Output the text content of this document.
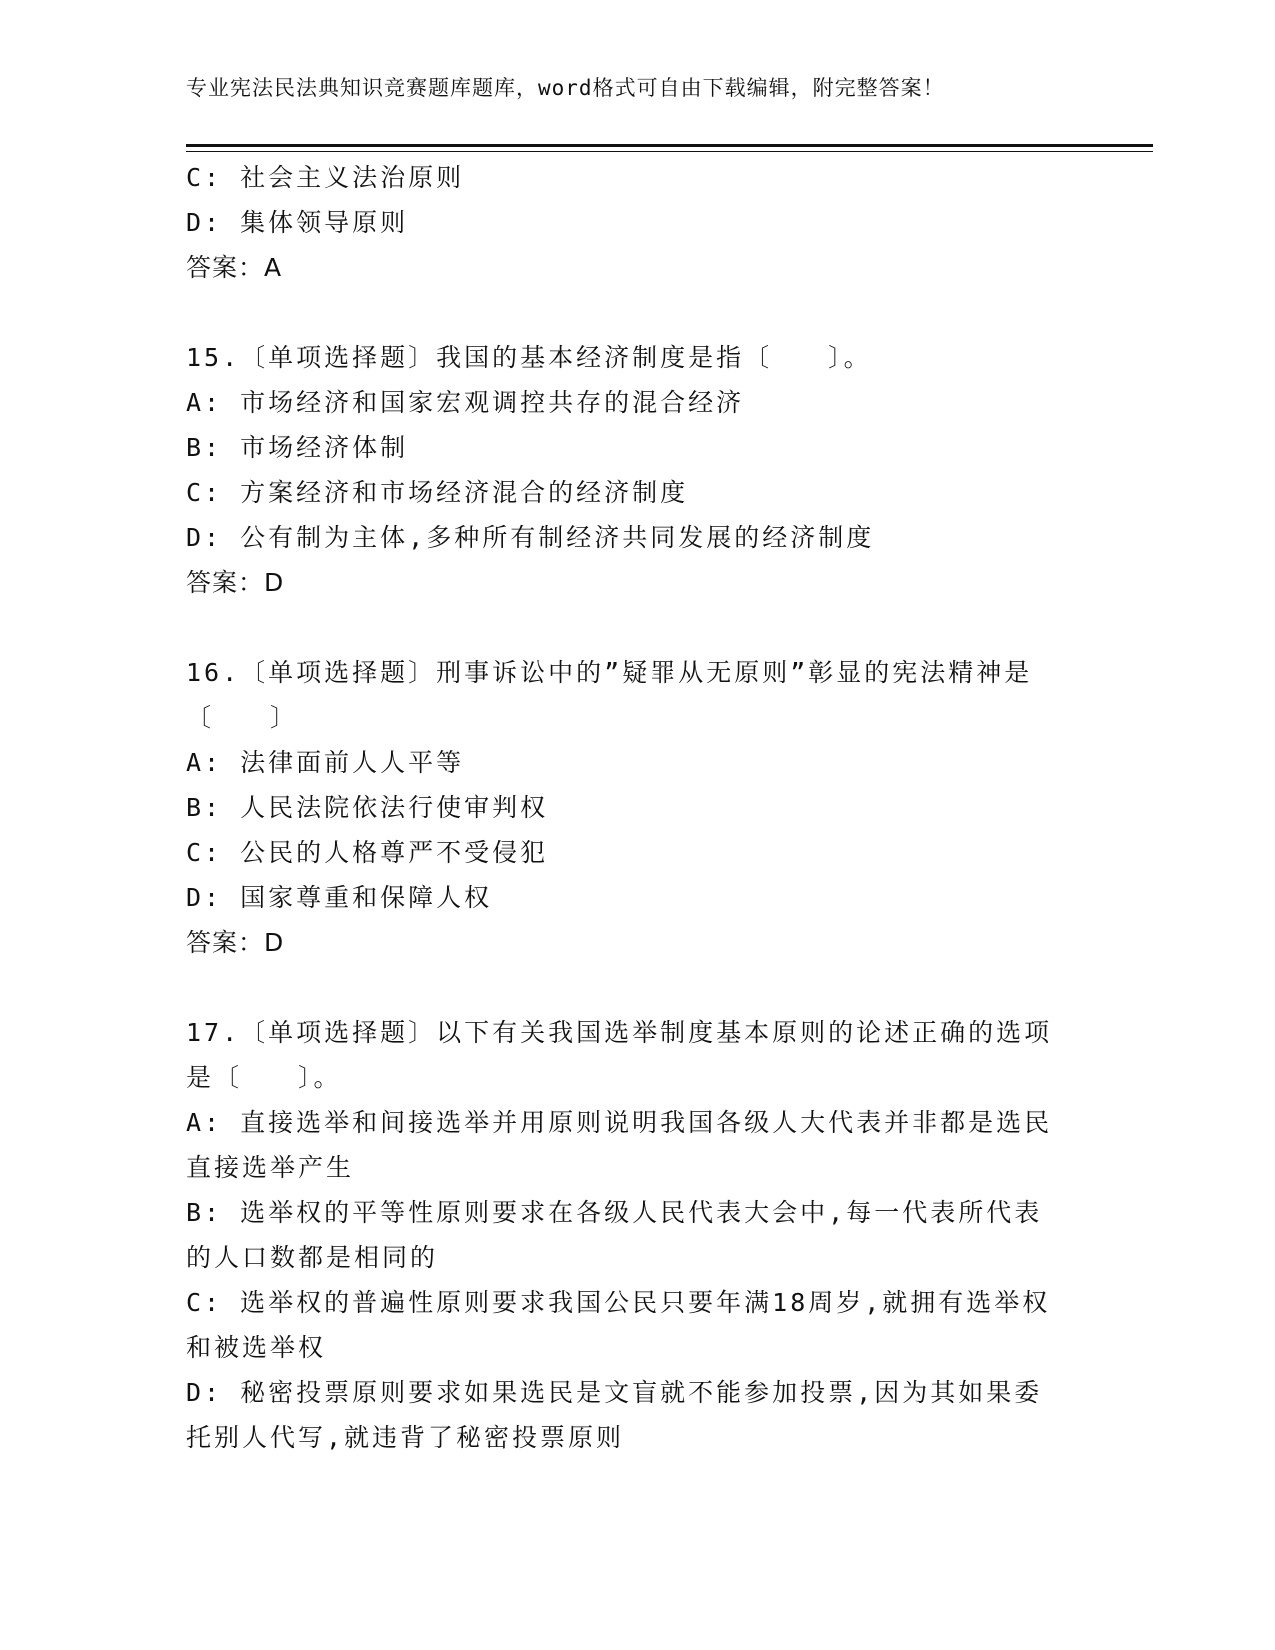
专业宪法民法典知识竞赛题库题库，word格式可自由下载编辑，附完整答案！
C: 社会主义法治原则
D: 集体领导原则
答案：A
15.〔单项选择题〕我国的基本经济制度是指〔　　〕。
A: 市场经济和国家宏观调控共存的混合经济
B: 市场经济体制
C: 方案经济和市场经济混合的经济制度
D: 公有制为主体,多种所有制经济共同发展的经济制度
答案：D
16.〔单项选择题〕刑事诉讼中的”疑罪从无原则”彰显的宪法精神是
〔　　〕
A: 法律面前人人平等
B: 人民法院依法行使审判权
C: 公民的人格尊严不受侵犯
D: 国家尊重和保障人权
答案：D
17.〔单项选择题〕以下有关我国选举制度基本原则的论述正确的选项
是〔　　〕。
A: 直接选举和间接选举并用原则说明我国各级人大代表并非都是选民
直接选举产生
B: 选举权的平等性原则要求在各级人民代表大会中,每一代表所代表
的人口数都是相同的
C: 选举权的普遍性原则要求我国公民只要年满18周岁,就拥有选举权
和被选举权
D: 秘密投票原则要求如果选民是文盲就不能参加投票,因为其如果委
托别人代写,就违背了秘密投票原则
